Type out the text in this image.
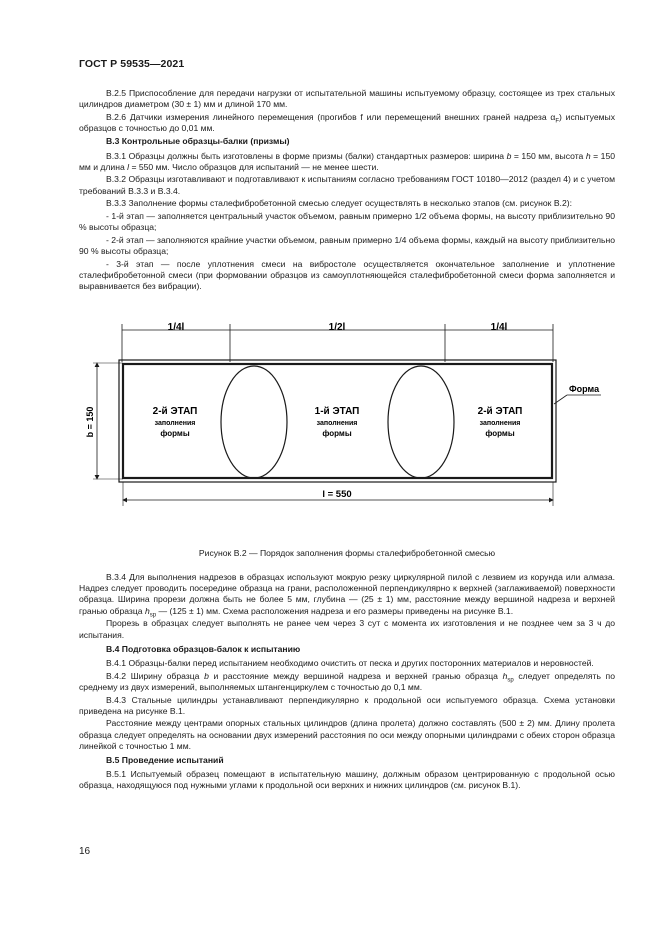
ГОСТ Р 59535—2021

В.2.5 Приспособление для передачи нагрузки от испытательной машины испытуемому образцу, состоящее из трех стальных цилиндров диаметром (30 ± 1) мм и длиной 170 мм.

В.2.6 Датчики измерения линейного перемещения (прогибов f или перемещений внешних граней надреза $\alpha_F$) испытуемых образцов с точностью до 0,01 мм.

В.3 Контрольные образцы-балки (призмы)

В.3.1 Образцы должны быть изготовлены в форме призмы (балки) стандартных размеров: ширина b = 150 мм, высота h = 150 мм и длина l = 550 мм. Число образцов для испытаний — не менее шести.

В.3.2 Образцы изготавливают и подготавливают к испытаниям согласно требованиям ГОСТ 10180—2012 (раздел 4) и с учетом требований В.3.3 и В.3.4.

В.3.3 Заполнение формы сталефибробетонной смесью следует осуществлять в несколько этапов (см. рисунок В.2):

- 1-й этап — заполняется центральный участок объемом, равным примерно 1/2 объема формы, на высоту приблизительно 90 % высоты образца;

- 2-й этап — заполняются крайние участки объемом, равным примерно 1/4 объема формы, каждый на высоту приблизительно 90 % высоты образца;

- 3-й этап — после уплотнения смеси на вибростоле осуществляется окончательное заполнение и уплотнение сталефибробетонной смеси (при формовании образцов из самоуплотняющейся сталефибробетонной смеси форма заполняется и выравнивается без вибрации).

1/4l	1/2l	1/4l
2-й ЭТАП
заполнения
формы
1-й ЭТАП
заполнения
формы
2-й ЭТАП
заполнения
формы
Форма
b = 150
l = 550
Рисунок В.2 — Порядок заполнения формы сталефибробетонной смесью

В.3.4 Для выполнения надрезов в образцах используют мокрую резку циркулярной пилой с лезвием из корунда или алмаза. Надрез следует проводить посередине образца на грани, расположенной перпендикулярно к верхней (заглаживаемой) поверхности образца. Ширина прорези должна быть не более 5 мм, глубина — (25 ± 1) мм, расстояние между вершиной надреза и верхней гранью образца $h_{sp}$ — (125 ± 1) мм. Схема расположения надреза и его размеры приведены на рисунке В.1.

Прорезь в образцах следует выполнять не ранее чем через 3 сут с момента их изготовления и не позднее чем за 3 ч до испытания.

В.4 Подготовка образцов-балок к испытанию

В.4.1 Образцы-балки перед испытанием необходимо очистить от песка и других посторонних материалов и неровностей.

В.4.2 Ширину образца b и расстояние между вершиной надреза и верхней гранью образца $h_{sp}$ следует определять по среднему из двух измерений, выполняемых штангенциркулем с точностью до 0,1 мм.

В.4.3 Стальные цилиндры устанавливают перпендикулярно к продольной оси испытуемого образца. Схема установки приведена на рисунке В.1.

Расстояние между центрами опорных стальных цилиндров (длина пролета) должно составлять (500 ± 2) мм. Длину пролета образца следует определять на основании двух измерений расстояния по оси между опорными цилиндрами с обеих сторон образца линейкой с точностью 1 мм.

В.5 Проведение испытаний

В.5.1 Испытуемый образец помещают в испытательную машину, должным образом центрированную с продольной осью образца, находящуюся под нужными углами к продольной оси верхних и нижних цилиндров (см. рисунок В.1).

16
